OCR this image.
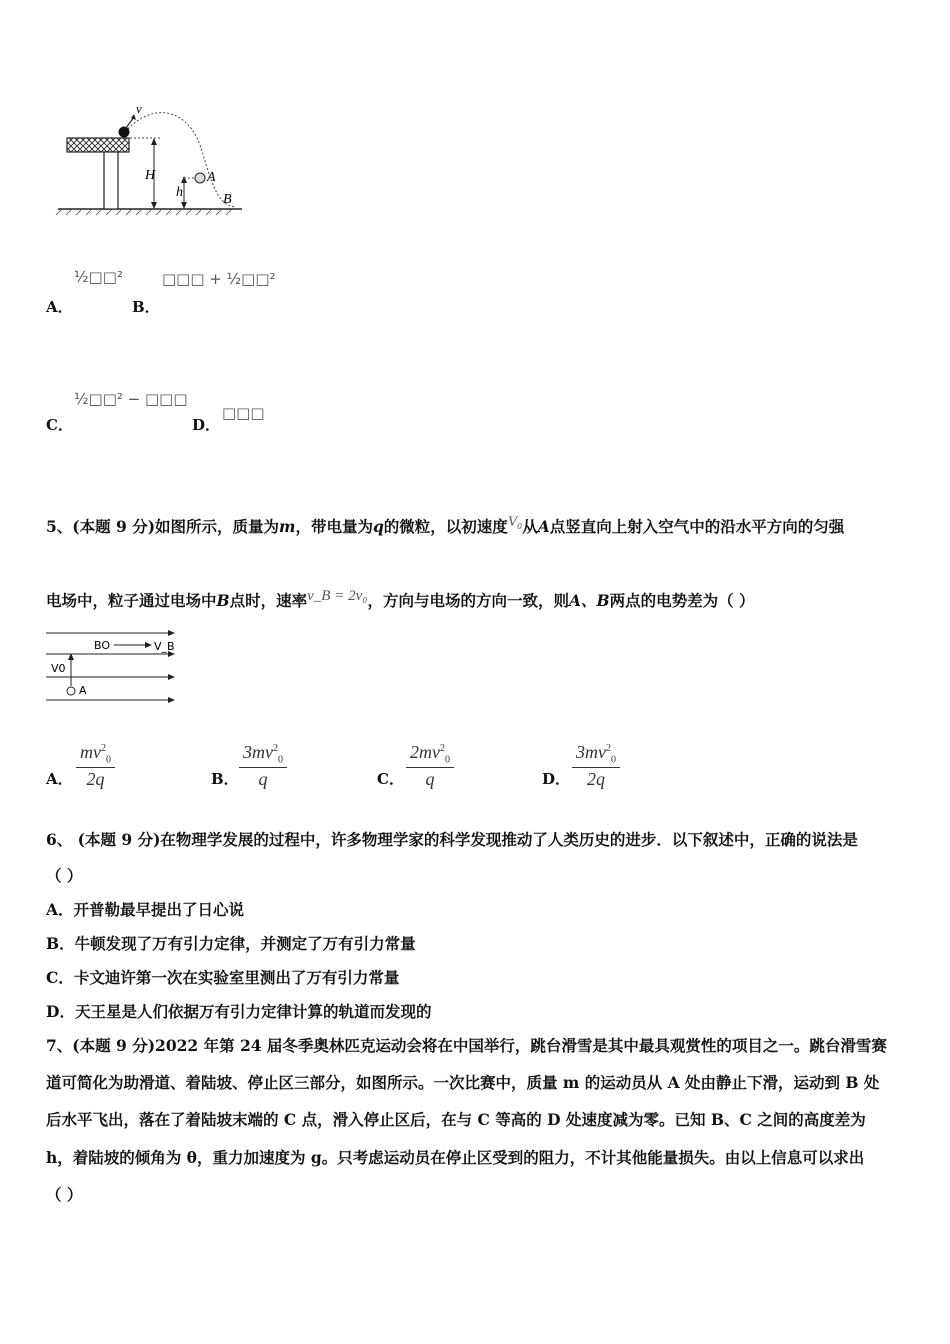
v
H
h
A
B
A．
½□□²
B．
□□□ + ½□□²
C．
½□□² − □□□
D．
□□□
5、(本题 9 分)如图所示，质量为m，带电量为q的微粒，以初速度$^{V_0}$从A点竖直向上射入空气中的沿水平方向的匀强
电场中，粒子通过电场中B点时，速率$^{v\_B = 2v_0}$，方向与电场的方向一致，则A、B两点的电势差为（ ）
BO	V_B
V0
A
A． $\frac{mv^2_0}{2q}$	B． $\frac{3mv^2_0}{q}$	C． $\frac{2mv^2_0}{q}$	D． $\frac{3mv^2_0}{2q}$
6、 (本题 9 分)在物理学发展的过程中，许多物理学家的科学发现推动了人类历史的进步．以下叙述中，正确的说法是
（ ）
A．开普勒最早提出了日心说
B．牛顿发现了万有引力定律，并测定了万有引力常量
C．卡文迪许第一次在实验室里测出了万有引力常量
D．天王星是人们依据万有引力定律计算的轨道而发现的
7、(本题 9 分)2022 年第 24 届冬季奥林匹克运动会将在中国举行，跳台滑雪是其中最具观赏性的项目之一。跳台滑雪赛
道可简化为助滑道、着陆坡、停止区三部分，如图所示。一次比赛中，质量 m 的运动员从 A 处由静止下滑，运动到 B 处
后水平飞出，落在了着陆坡末端的 C 点，滑入停止区后，在与 C 等高的 D 处速度减为零。已知 B、C 之间的高度差为
h，着陆坡的倾角为 θ，重力加速度为 g。只考虑运动员在停止区受到的阻力，不计其他能量损失。由以上信息可以求出
（ ）
